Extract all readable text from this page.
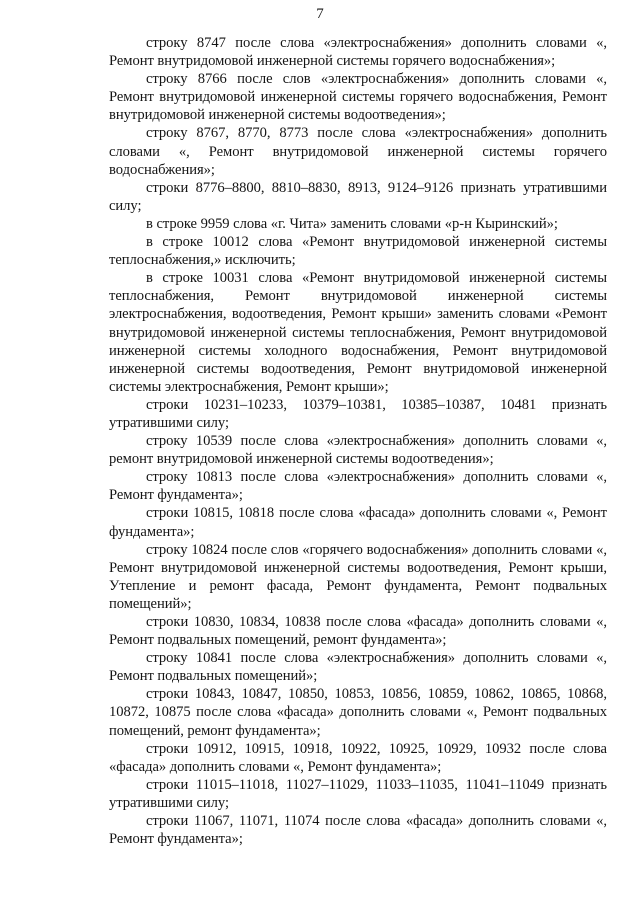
7

строку 8747 после слова «электроснабжения» дополнить словами «, Ремонт внутридомовой инженерной системы горячего водоснабжения»;

строку 8766 после слов «электроснабжения» дополнить словами «, Ремонт внутридомовой инженерной системы горячего водоснабжения, Ремонт внутридомовой инженерной системы водоотведения»;

строку 8767, 8770, 8773 после слова «электроснабжения» дополнить словами «, Ремонт внутридомовой инженерной системы горячего водоснабжения»;

строки 8776–8800, 8810–8830, 8913, 9124–9126 признать утратившими силу;

в строке 9959 слова «г. Чита» заменить словами «р-н Кыринский»;

в строке 10012 слова «Ремонт внутридомовой инженерной системы теплоснабжения,» исключить;

в строке 10031 слова «Ремонт внутридомовой инженерной системы теплоснабжения, Ремонт внутридомовой инженерной системы электроснабжения, водоотведения, Ремонт крыши» заменить словами «Ремонт внутридомовой инженерной системы теплоснабжения, Ремонт внутридомовой инженерной системы холодного водоснабжения, Ремонт внутридомовой инженерной системы водоотведения, Ремонт внутридомовой инженерной системы электроснабжения, Ремонт крыши»;

строки 10231–10233, 10379–10381, 10385–10387, 10481 признать утратившими силу;

строку 10539 после слова «электроснабжения» дополнить словами «, ремонт внутридомовой инженерной системы водоотведения»;

строку 10813 после слова «электроснабжения» дополнить словами «, Ремонт фундамента»;

строки 10815, 10818 после слова «фасада» дополнить словами «, Ремонт фундамента»;

строку 10824 после слов «горячего водоснабжения» дополнить словами «, Ремонт внутридомовой инженерной системы водоотведения, Ремонт крыши, Утепление и ремонт фасада, Ремонт фундамента, Ремонт подвальных помещений»;

строки 10830, 10834, 10838 после слова «фасада» дополнить словами «, Ремонт подвальных помещений, ремонт фундамента»;

строку 10841 после слова «электроснабжения» дополнить словами «, Ремонт подвальных помещений»;

строки 10843, 10847, 10850, 10853, 10856, 10859, 10862, 10865, 10868, 10872, 10875 после слова «фасада» дополнить словами «, Ремонт подвальных помещений, ремонт фундамента»;

строки 10912, 10915, 10918, 10922, 10925, 10929, 10932 после слова «фасада» дополнить словами «, Ремонт фундамента»;

строки 11015–11018, 11027–11029, 11033–11035, 11041–11049 признать утратившими силу;

строки 11067, 11071, 11074 после слова «фасада» дополнить словами «, Ремонт фундамента»;
